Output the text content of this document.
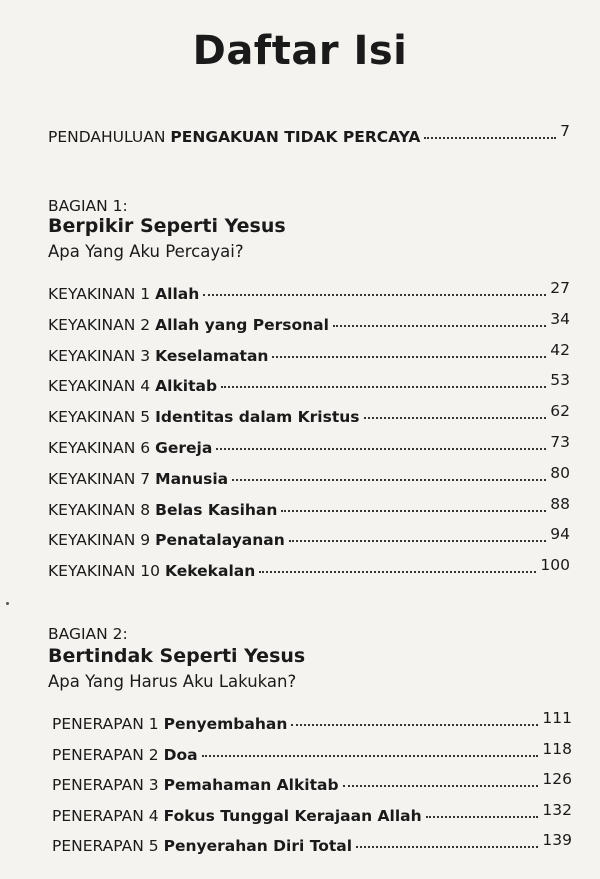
Daftar Isi
PENDAHULUAN PENGAKUAN TIDAK PERCAYA	7
BAGIAN 1:
Berpikir Seperti Yesus
Apa Yang Aku Percayai?
KEYAKINAN 1 Allah	27
KEYAKINAN 2 Allah yang Personal	34
KEYAKINAN 3 Keselamatan	42
KEYAKINAN 4 Alkitab	53
KEYAKINAN 5 Identitas dalam Kristus	62
KEYAKINAN 6 Gereja	73
KEYAKINAN 7 Manusia	80
KEYAKINAN 8 Belas Kasihan	88
KEYAKINAN 9 Penatalayanan	94
KEYAKINAN 10 Kekekalan	100
BAGIAN 2:
Bertindak Seperti Yesus
Apa Yang Harus Aku Lakukan?
PENERAPAN 1 Penyembahan	111
PENERAPAN 2 Doa	118
PENERAPAN 3 Pemahaman Alkitab	126
PENERAPAN 4 Fokus Tunggal Kerajaan Allah	132
PENERAPAN 5 Penyerahan Diri Total	139
